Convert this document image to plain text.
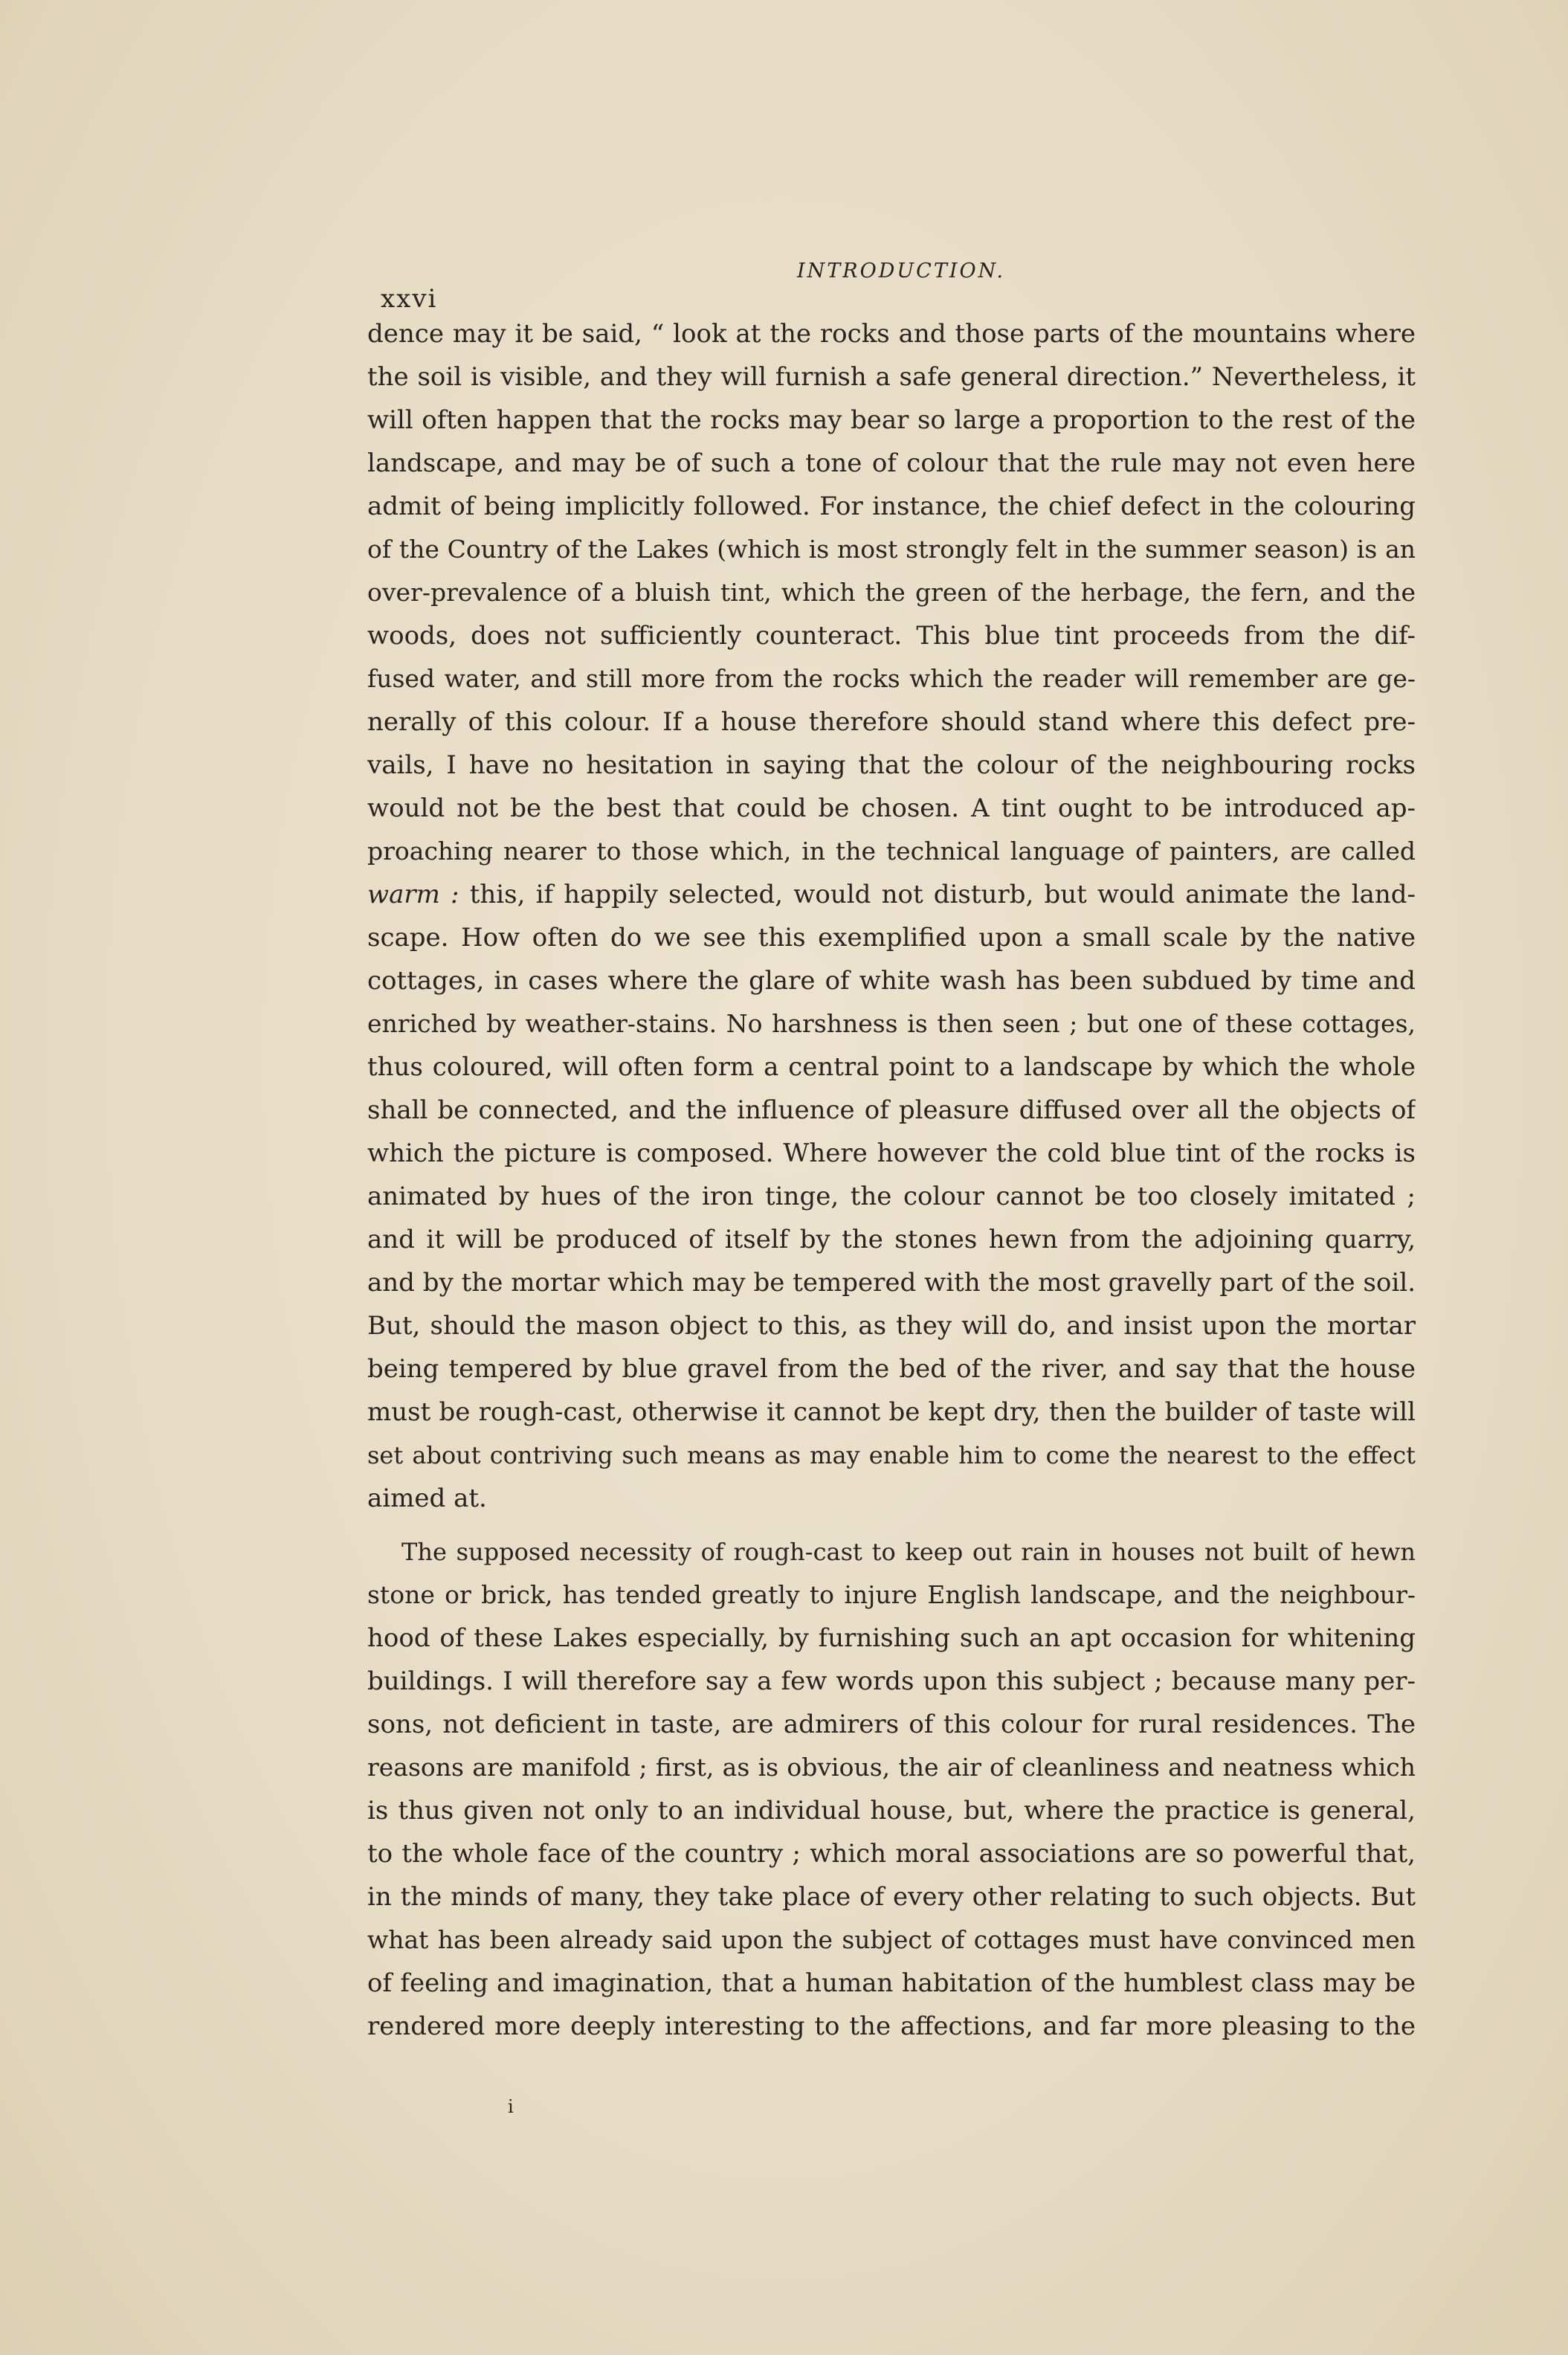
xxvi
INTRODUCTION.
dence may it be said, “ look at the rocks and those parts of the mountains where
the soil is visible, and they will furnish a safe general direction.” Nevertheless, it
will often happen that the rocks may bear so large a proportion to the rest of the
landscape, and may be of such a tone of colour that the rule may not even here
admit of being implicitly followed. For instance, the chief defect in the colouring
of the Country of the Lakes (which is most strongly felt in the summer season) is an
over-prevalence of a bluish tint, which the green of the herbage, the fern, and the
woods, does not sufficiently counteract. This blue tint proceeds from the dif-
fused water, and still more from the rocks which the reader will remember are ge-
nerally of this colour. If a house therefore should stand where this defect pre-
vails, I have no hesitation in saying that the colour of the neighbouring rocks
would not be the best that could be chosen. A tint ought to be introduced ap-
proaching nearer to those which, in the technical language of painters, are called
warm : this, if happily selected, would not disturb, but would animate the land-
scape. How often do we see this exemplified upon a small scale by the native
cottages, in cases where the glare of white wash has been subdued by time and
enriched by weather-stains. No harshness is then seen ; but one of these cottages,
thus coloured, will often form a central point to a landscape by which the whole
shall be connected, and the influence of pleasure diffused over all the objects of
which the picture is composed. Where however the cold blue tint of the rocks is
animated by hues of the iron tinge, the colour cannot be too closely imitated ;
and it will be produced of itself by the stones hewn from the adjoining quarry,
and by the mortar which may be tempered with the most gravelly part of the soil.
But, should the mason object to this, as they will do, and insist upon the mortar
being tempered by blue gravel from the bed of the river, and say that the house
must be rough-cast, otherwise it cannot be kept dry, then the builder of taste will
set about contriving such means as may enable him to come the nearest to the effect
aimed at.
The supposed necessity of rough-cast to keep out rain in houses not built of hewn
stone or brick, has tended greatly to injure English landscape, and the neighbour-
hood of these Lakes especially, by furnishing such an apt occasion for whitening
buildings. I will therefore say a few words upon this subject ; because many per-
sons, not deficient in taste, are admirers of this colour for rural residences. The
reasons are manifold ; first, as is obvious, the air of cleanliness and neatness which
is thus given not only to an individual house, but, where the practice is general,
to the whole face of the country ; which moral associations are so powerful that,
in the minds of many, they take place of every other relating to such objects. But
what has been already said upon the subject of cottages must have convinced men
of feeling and imagination, that a human habitation of the humblest class may be
rendered more deeply interesting to the affections, and far more pleasing to the
i
